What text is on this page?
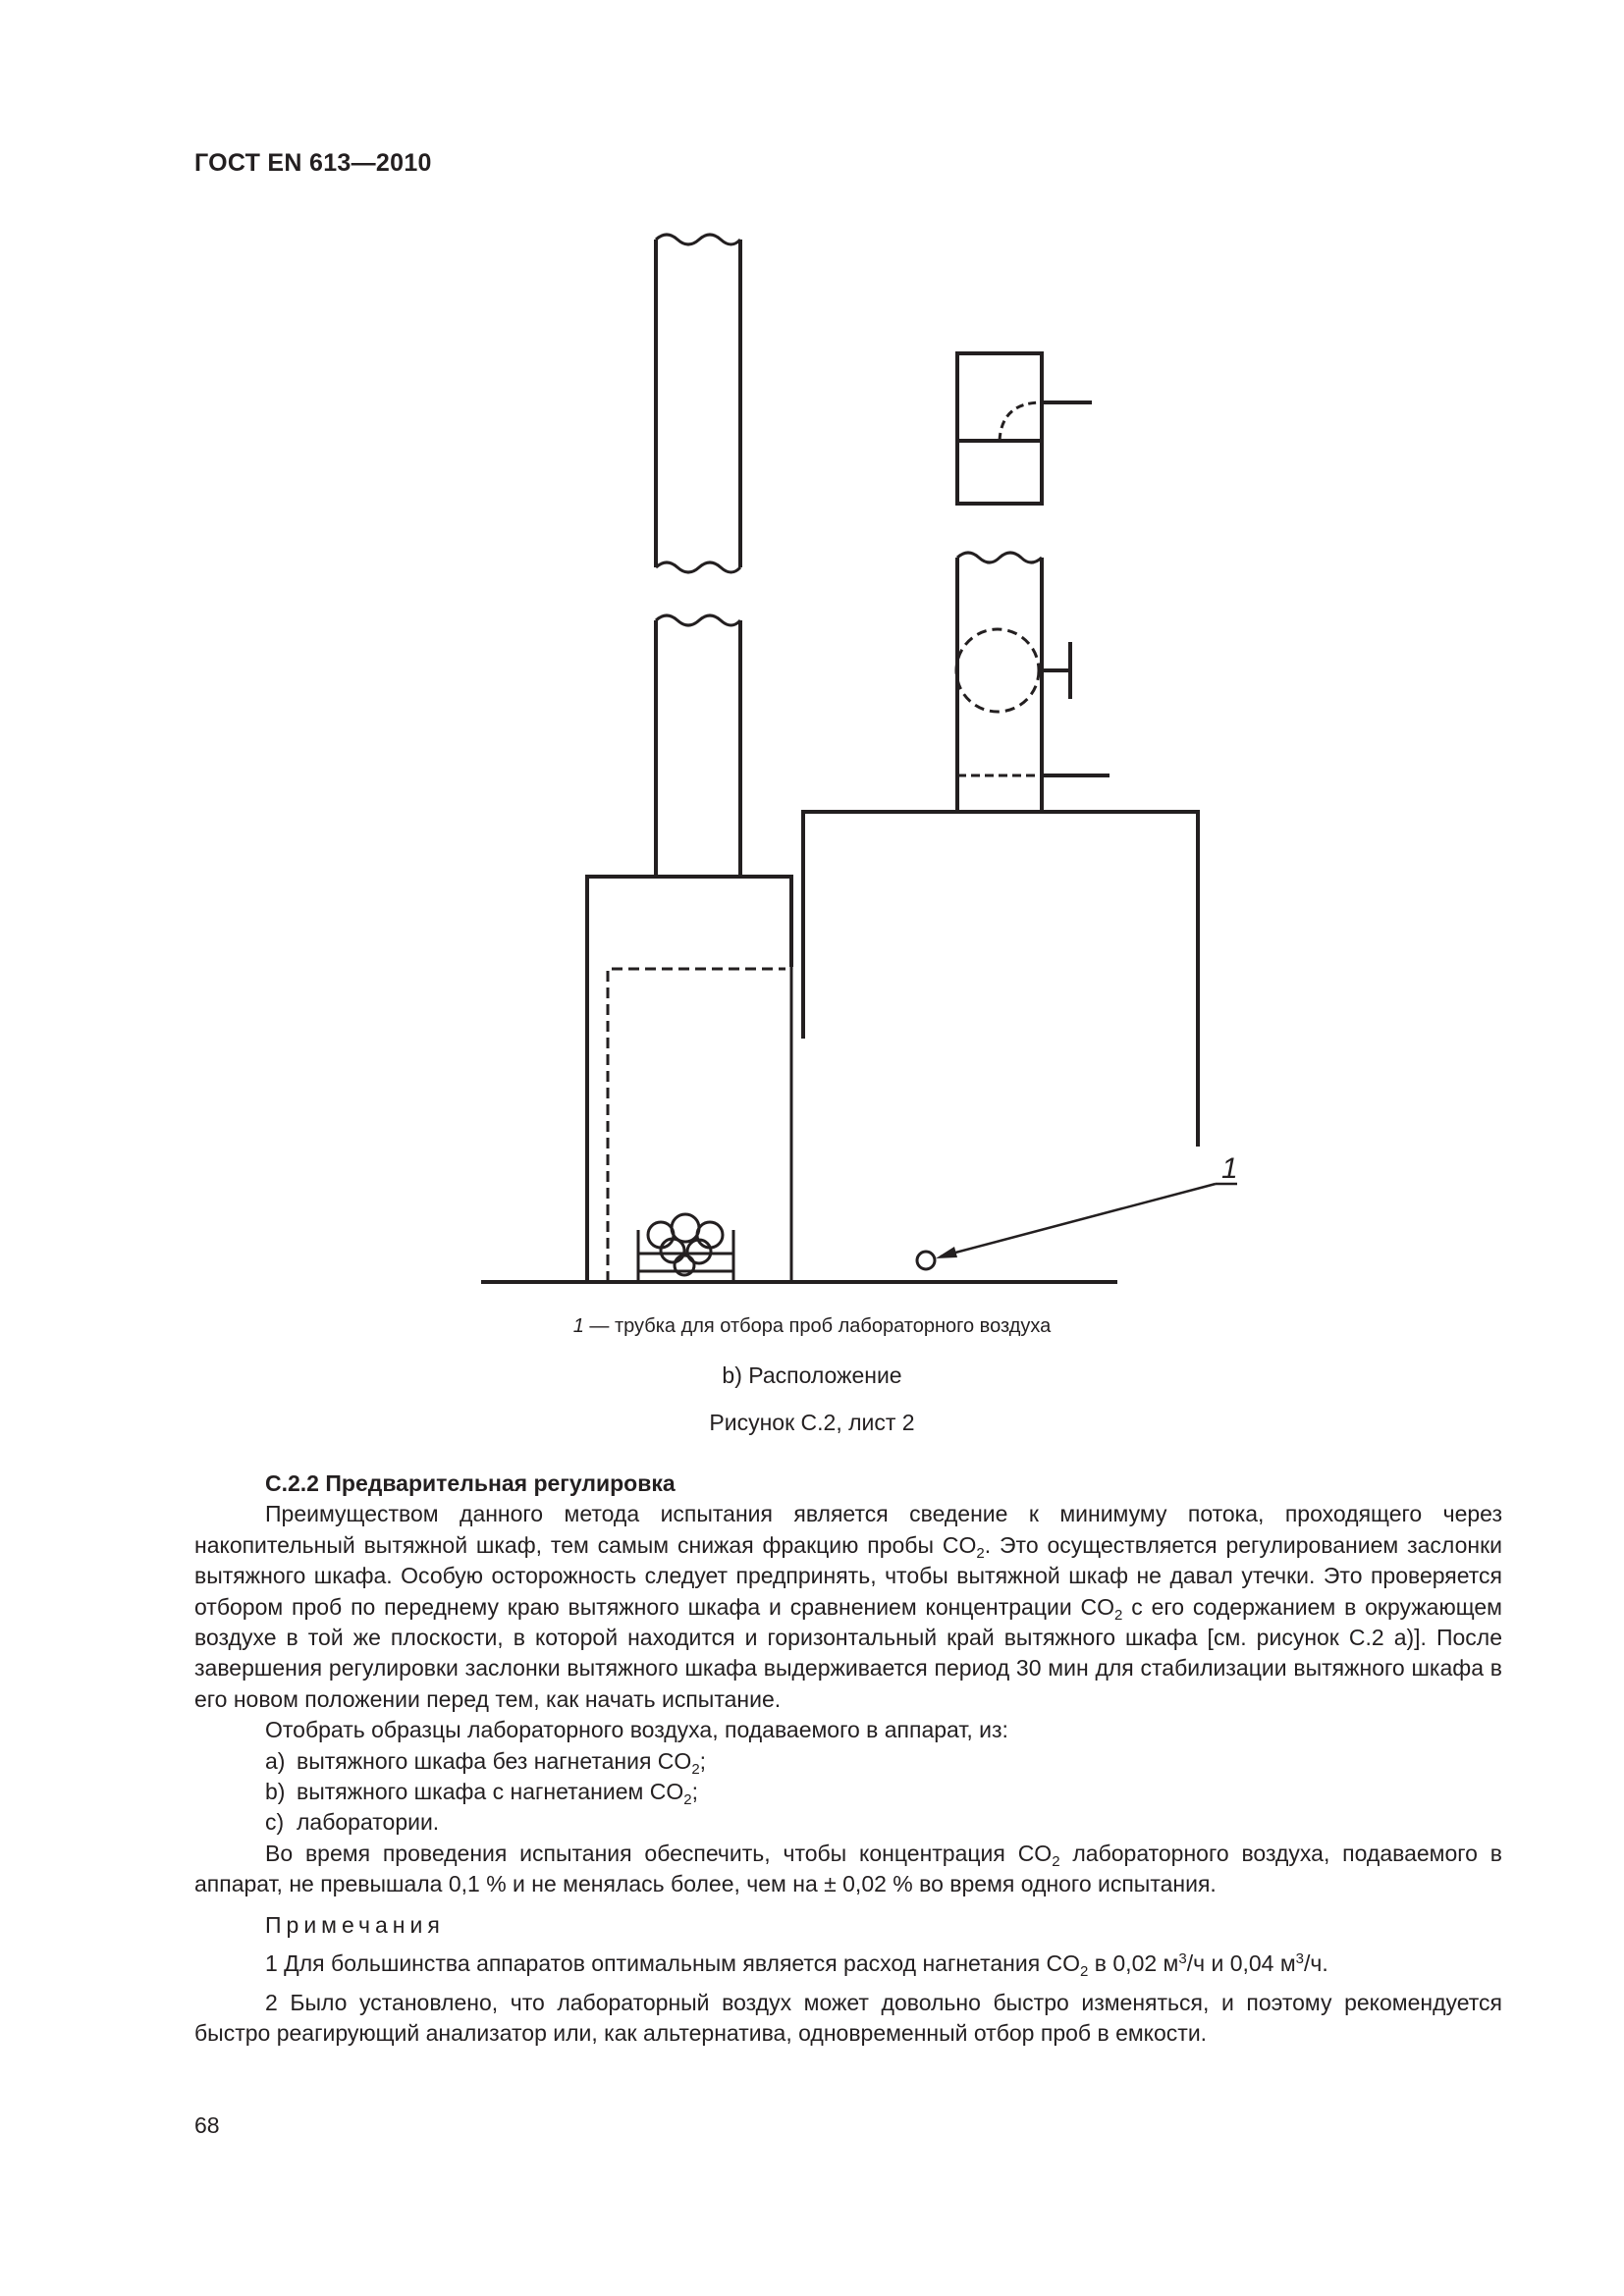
ГОСТ EN 613—2010
1
1 — трубка для отбора проб лабораторного воздуха
b) Расположение
Рисунок С.2, лист 2

С.2.2 Предварительная регулировка

Преимуществом данного метода испытания является сведение к минимуму потока, проходящего через накопительный вытяжной шкаф, тем самым снижая фракцию пробы $CO_2$. Это осуществляется регулированием заслонки вытяжного шкафа. Особую осторожность следует предпринять, чтобы вытяжной шкаф не давал утечки. Это проверяется отбором проб по переднему краю вытяжного шкафа и сравнением концентрации $CO_2$ с его содержанием в окружающем воздухе в той же плоскости, в которой находится и горизонтальный край вытяжного шкафа [см. рисунок С.2 a)]. После завершения регулировки заслонки вытяжного шкафа выдерживается период 30 мин для стабилизации вытяжного шкафа в его новом положении перед тем, как начать испытание.

Отобрать образцы лабораторного воздуха, подаваемого в аппарат, из:

a) вытяжного шкафа без нагнетания $CO_2$;

b) вытяжного шкафа с нагнетанием $CO_2$;

c) лаборатории.

Во время проведения испытания обеспечить, чтобы концентрация $CO_2$ лабораторного воздуха, подаваемого в аппарат, не превышала 0,1 % и не менялась более, чем на ± 0,02 % во время одного испытания.

Примечания

1 Для большинства аппаратов оптимальным является расход нагнетания $CO_2$ в 0,02 $м^3/ч$ и 0,04 $м^3/ч$.

2 Было установлено, что лабораторный воздух может довольно быстро изменяться, и поэтому рекомендуется быстро реагирующий анализатор или, как альтернатива, одновременный отбор проб в емкости.

68
